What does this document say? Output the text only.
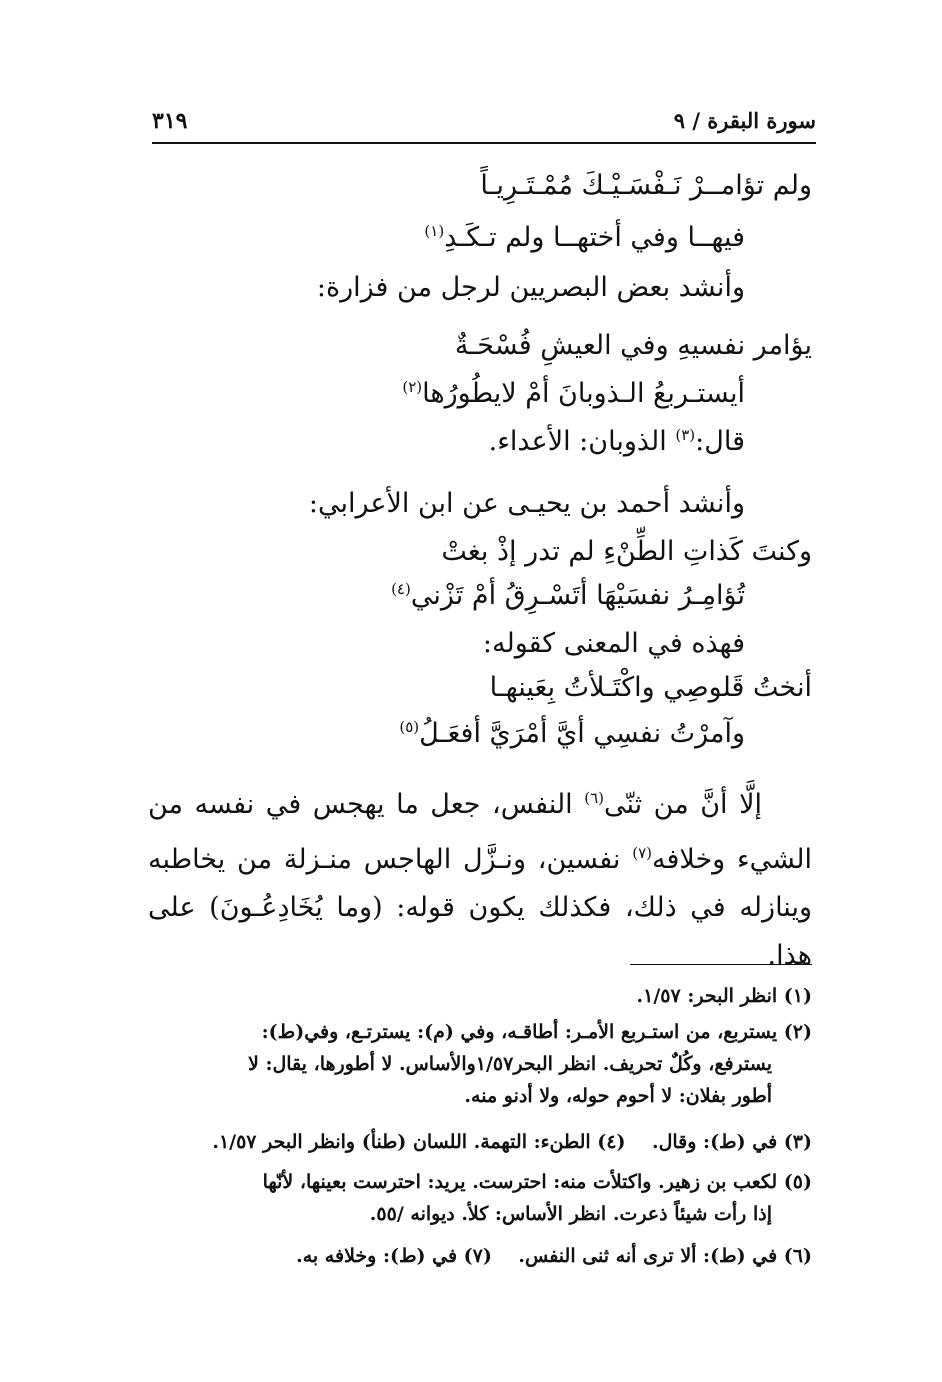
سورة البقرة / ٩
٣١٩
ولم تؤامــرْ نَـفْسَـيْـكَ مُمْـتَـرِيـاً
فيهــا وفي أختهــا ولم تـكَـدِ$^{(١)}$
وأنشد بعض البصريين لرجل من فزارة:
يؤامر نفسيهِ وفي العيشِ فُسْحَـةٌ
أيستـربعُ الـذوبانَ أمْ لايطُورُها$^{(٢)}$
قال:$^{(٣)}$ الذوبان: الأعداء.
وأنشد أحمد بن يحيـى عن ابن الأعرابي:
وكنتَ كَذاتِ الطِّنْءِ لم تدر إذْ بغتْ
تُؤامِـرُ نفسَيْهَا أتَسْـرِقُ أمْ تَزْني$^{(٤)}$
فهذه في المعنى كقوله:
أنختُ قَلوصِي واكْتَـلأتُ بِعَينهـا
وآمرْتُ نفسِي أيَّ أمْرَيَّ أفعَـلُ$^{(٥)}$

إلَّا أنَّ من ثنّى$^{(٦)}$ النفس، جعل ما يهجس في نفسه من الشيء وخلافه$^{(٧)}$ نفسين، ونـزَّل الهاجس منـزلة من يخاطبه وينازله في ذلك، فكذلك يكون قوله: (وما يُخَادِعُـونَ) على هذا.

(١) انظر البحر: ١/٥٧.
(٢) يستربع، من استـربع الأمـر: أطاقـه، وفي (م): يسترتـع، وفي(ط):
يسترفع، وكُلٌ تحريف. انظر البحر١/٥٧والأساس. لا أطورها، يقال: لا
أطور بفلان: لا أحوم حوله، ولا أدنو منه.
(٣) في (ط): وقال.    (٤) الطنء: التهمة. اللسان (طنأ) وانظر البحر ١/٥٧.
(٥) لكعب بن زهير. واكتلأت منه: احترست. يريد: احترست بعينها، لأنّها
إذا رأت شيئاً ذعرت. انظر الأساس: كلأ. ديوانه /٥٥.
(٦) في (ط): ألا ترى أنه ثنى النفس.    (٧) في (ط): وخلافه به.
